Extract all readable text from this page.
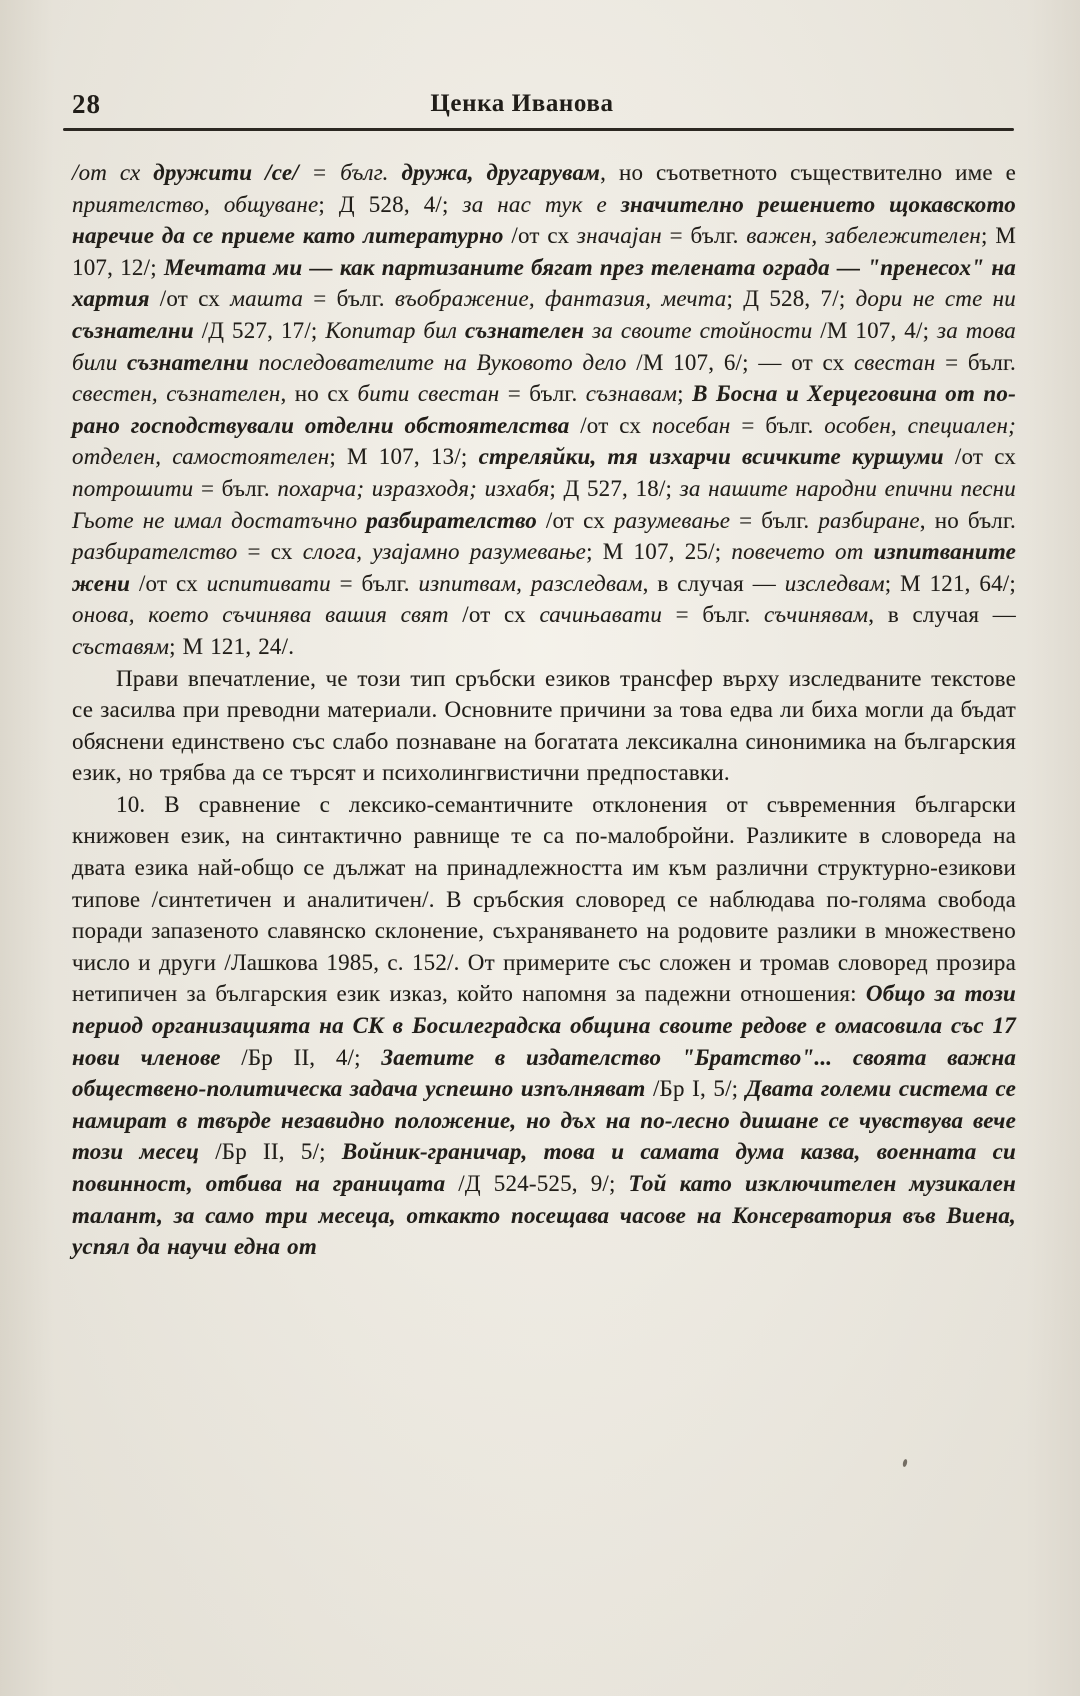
28	Ценка Иванова

/от сх дружити /се/ = бълг. дружа, другарувам, но съответното съществително име е приятелство, общуване; Д 528, 4/; за нас тук е значително решението щокавското наречие да се приеме като литературно /от сх значајан = бълг. важен, забележителен; М 107, 12/; Мечтата ми — как партизаните бягат през телената ограда — "пренесох" на хартия /от сх машта = бълг. въображение, фантазия, мечта; Д 528, 7/; дори не сте ни съзнателни /Д 527, 17/; Копитар бил съзнателен за своите стойности /М 107, 4/; за това били съзнателни последователите на Вуковото дело /М 107, 6/; — от сх свестан = бълг. свестен, съзнателен, но сх бити свестан = бълг. съзнавам; В Босна и Херцеговина от по-рано господствували отделни обстоятелства /от сх посебан = бълг. особен, специален; отделен, самостоятелен; М 107, 13/; стреляйки, тя изхарчи всичките куршуми /от сх потрошити = бълг. похарча; изразходя; изхабя; Д 527, 18/; за нашите народни епични песни Гьоте не имал достатъчно разбирателство /от сх разумевање = бълг. разбиране, но бълг. разбирателство = сх слога, узајамно разумевање; М 107, 25/; повечето от изпитваните жени /от сх испитивати = бълг. изпитвам, разследвам, в случая — изследвам; М 121, 64/; онова, което съчинява вашия свят /от сх сачињавати = бълг. съчинявам, в случая — съставям; М 121, 24/.

Прави впечатление, че този тип сръбски езиков трансфер върху изследваните текстове се засилва при преводни материали. Основните причини за това едва ли биха могли да бъдат обяснени единствено със слабо познаване на богатата лексикална синонимика на българския език, но трябва да се търсят и психолингвистични предпоставки.

10. В сравнение с лексико-семантичните отклонения от съвременния български книжовен език, на синтактично равнище те са по-малобройни. Разликите в словореда на двата езика най-общо се дължат на принадлежността им към различни структурно-езикови типове /синтетичен и аналитичен/. В сръбския словоред се наблюдава по-голяма свобода поради запазеното славянско склонение, съхраняването на родовите разлики в множествено число и други /Лашкова 1985, с. 152/. От примерите със сложен и тромав словоред прозира нетипичен за българския език изказ, който напомня за падежни отношения: Общо за този период организацията на СК в Босилеградска община своите редове е омасовила със 17 нови членове /Бр II, 4/; Заетите в издателство "Братство"... своята важна обществено-политическа задача успешно изпълняват /Бр I, 5/; Двата големи система се намират в твърде незавидно положение, но дъх на по-лесно дишане се чувствува вече този месец /Бр II, 5/; Войник-граничар, това и самата дума казва, военната си повинност, отбива на границата /Д 524-525, 9/; Той като изключителен музикален талант, за само три месеца, откакто посещава часове на Консерватория във Виена, успял да научи една от
